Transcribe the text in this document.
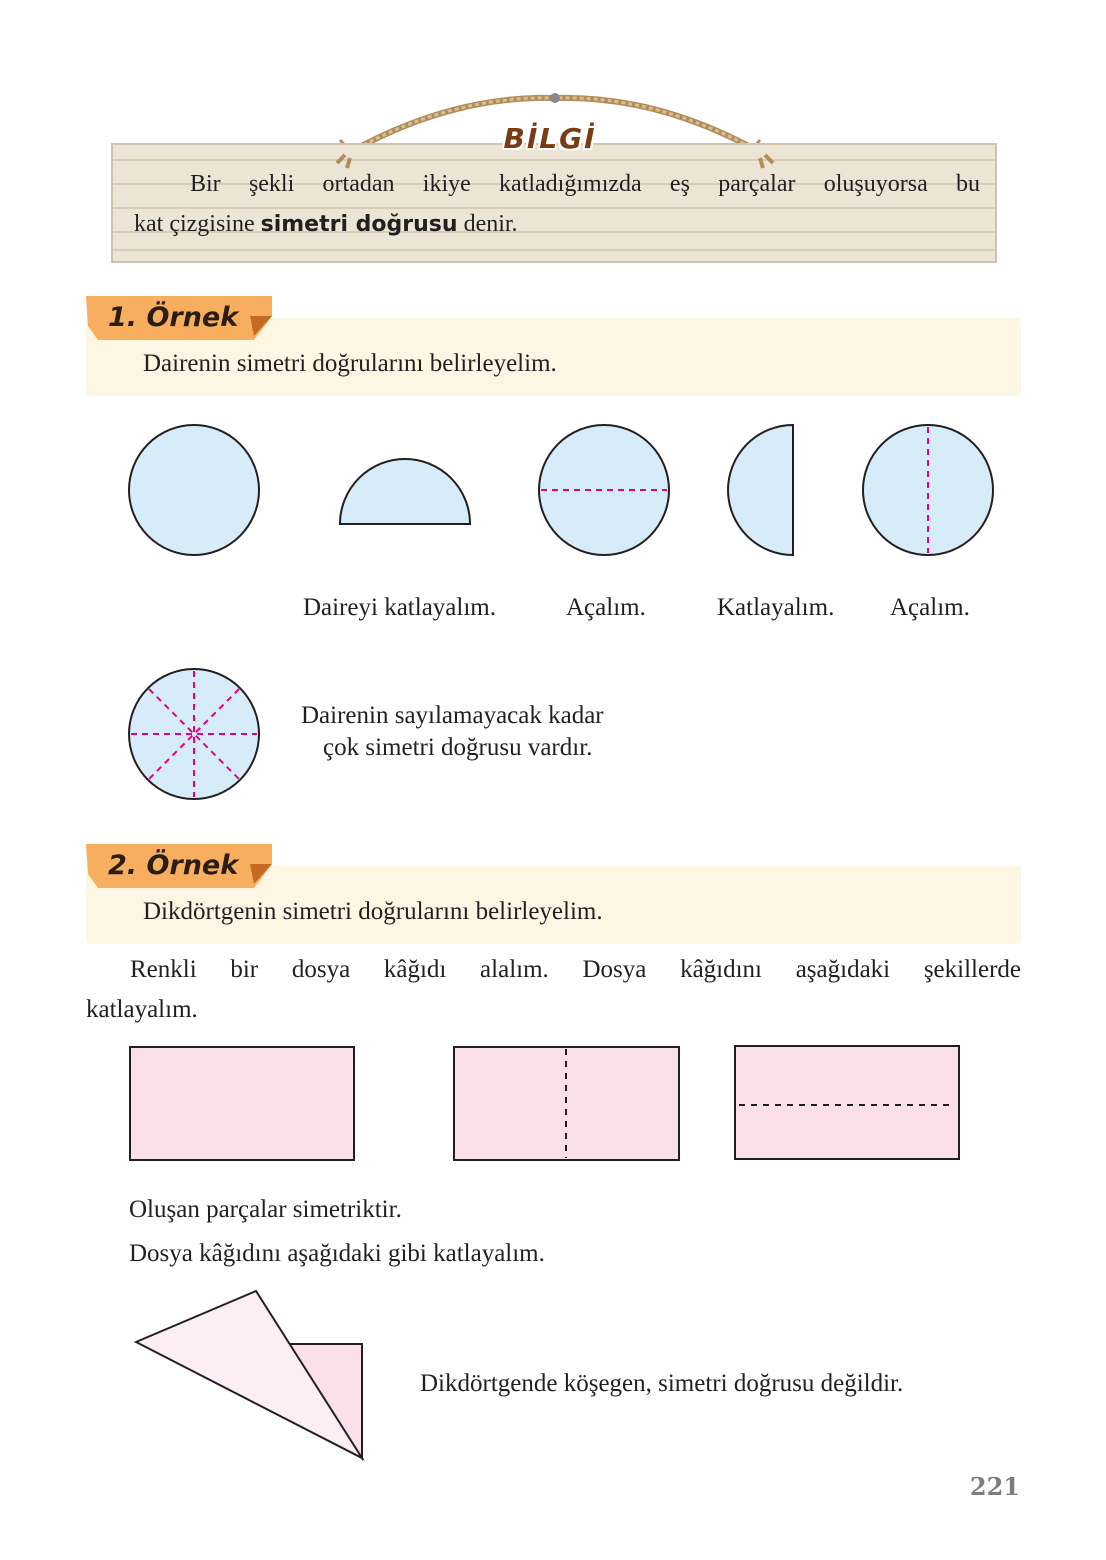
BİLGİ
Bir şekli ortadan ikiye katladığımızda eş parçalar oluşuyorsa bu
kat çizgisine simetri doğrusu denir.
1. Örnek
Dairenin simetri doğrularını belirleyelim.
Daireyi katlayalım.	Açalım.	Katlayalım. Açalım.
Dairenin sayılamayacak kadar
çok simetri doğrusu vardır.
2. Örnek
Dikdörtgenin simetri doğrularını belirleyelim.
Renkli bir dosya kâğıdı alalım. Dosya kâğıdını aşağıdaki şekillerde
katlayalım.
Oluşan parçalar simetriktir.
Dosya kâğıdını aşağıdaki gibi katlayalım.
Dikdörtgende köşegen, simetri doğrusu değildir.
221
